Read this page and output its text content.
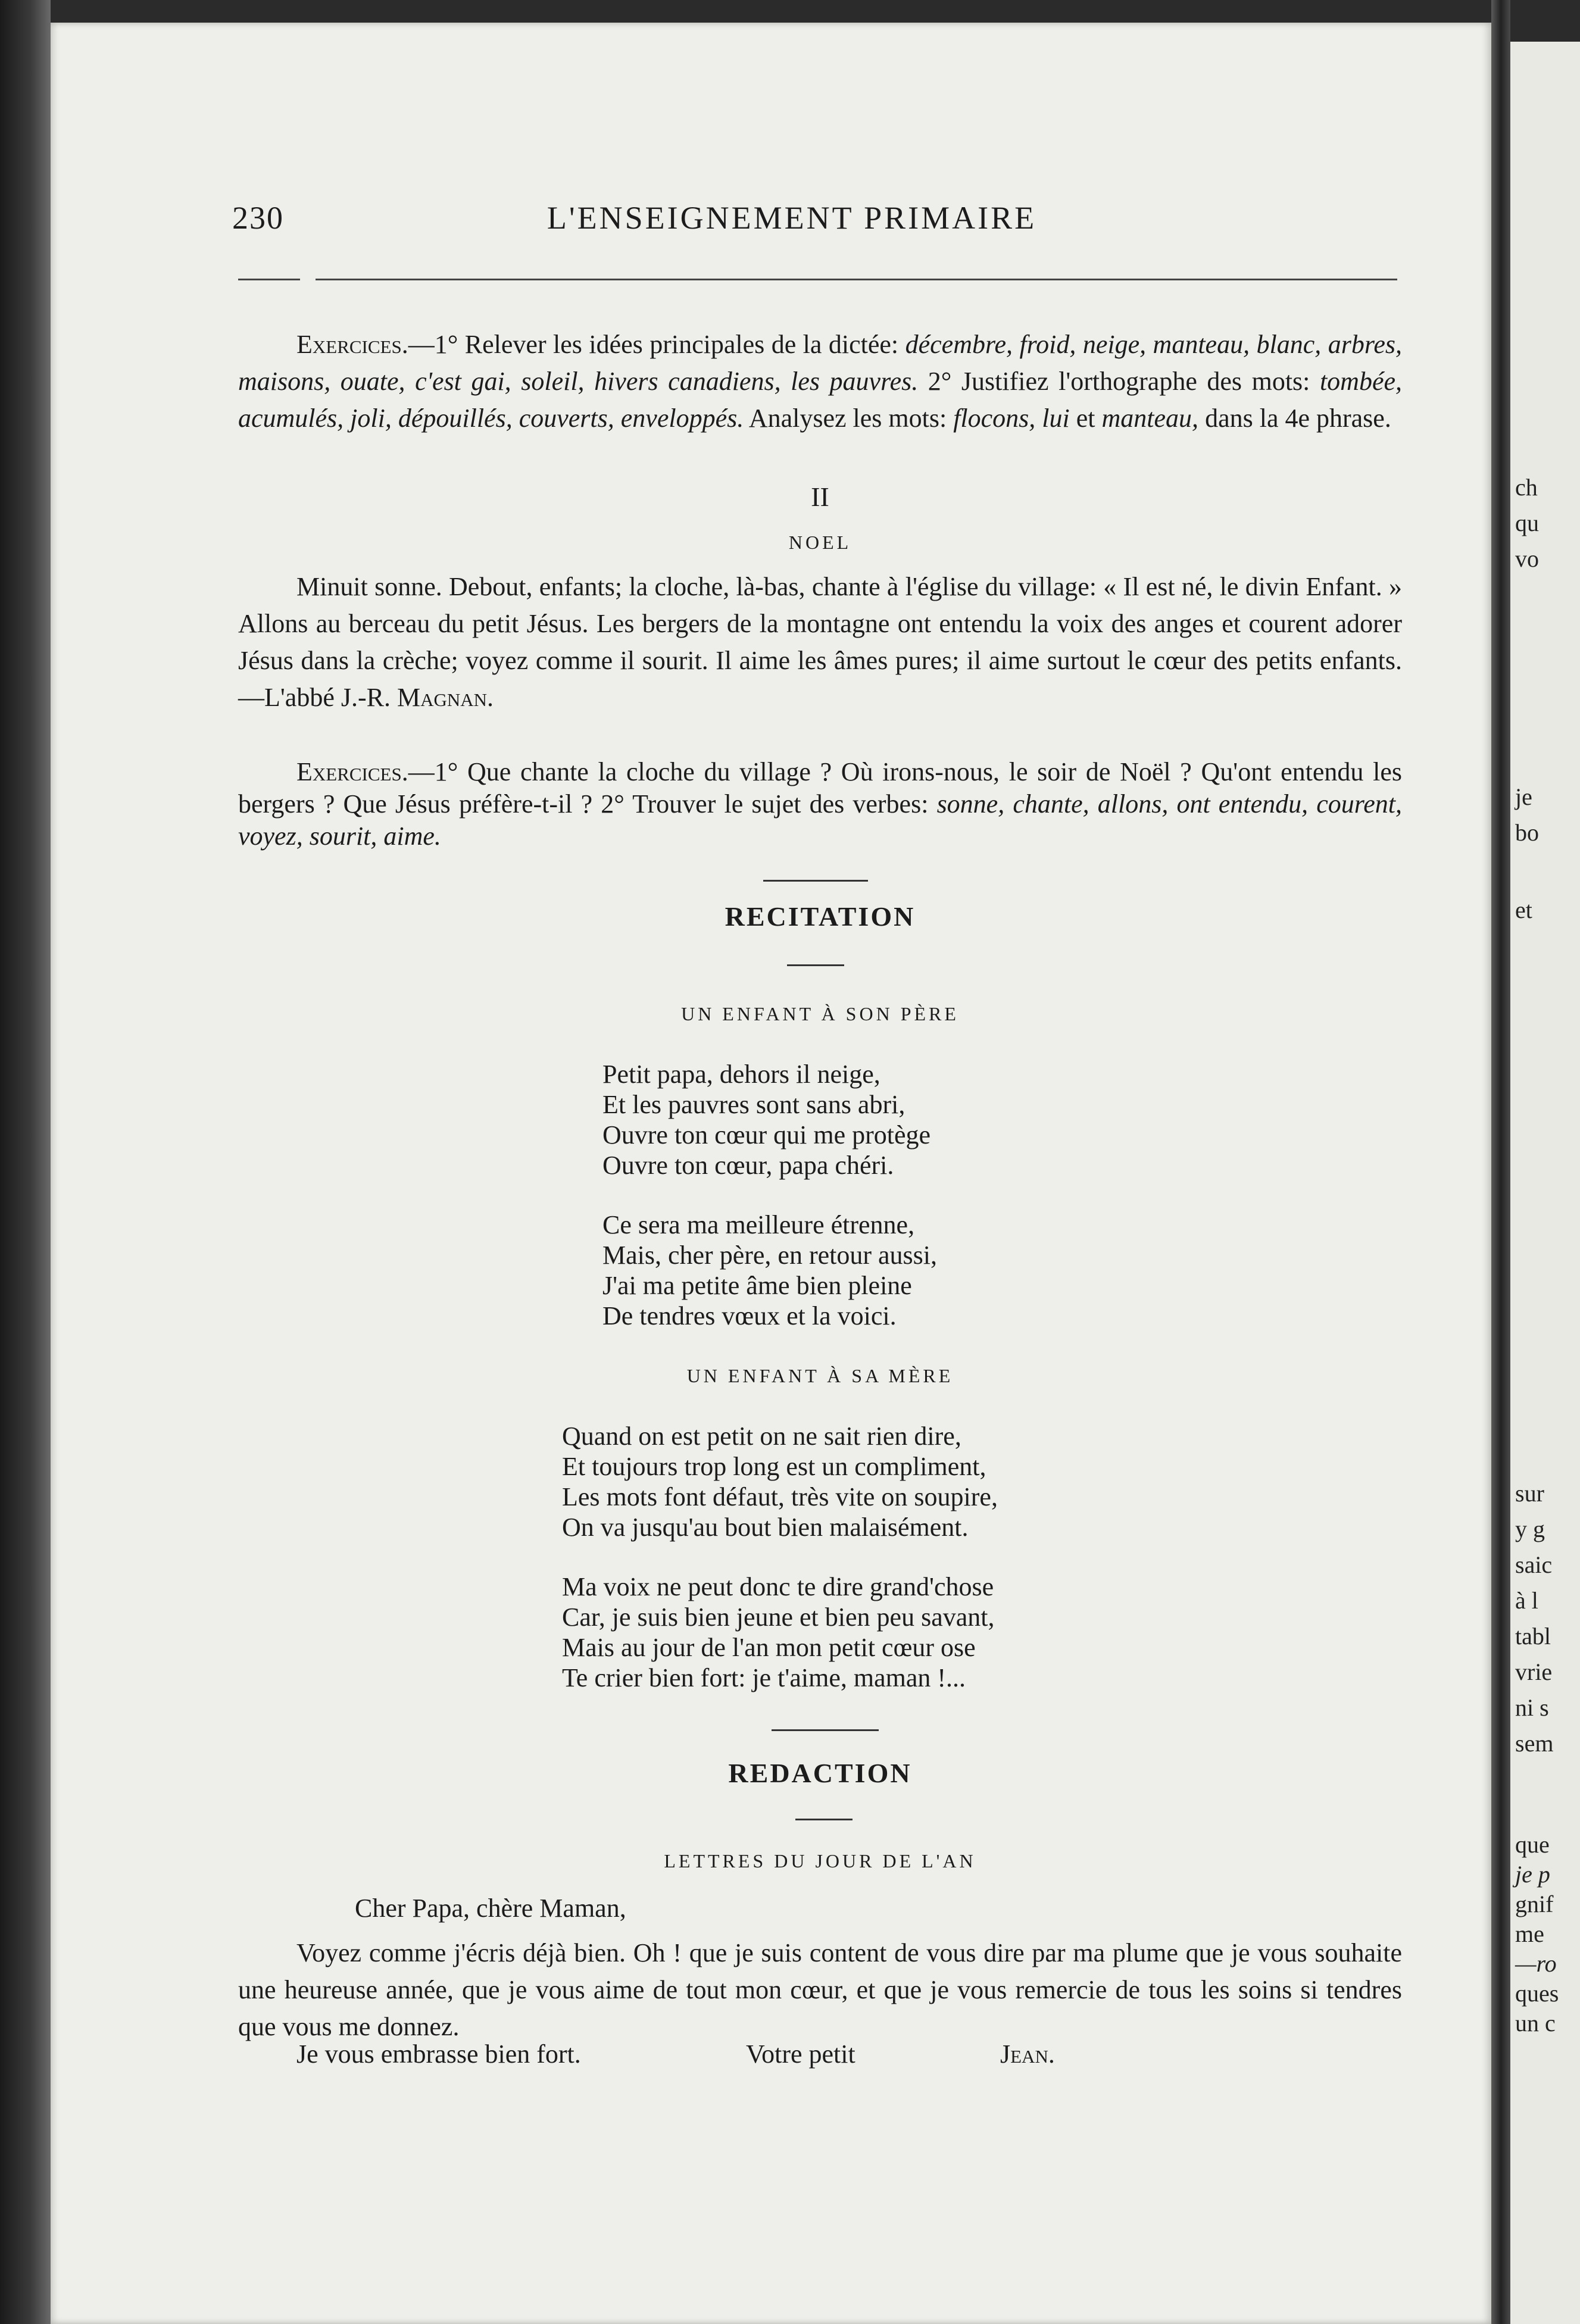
230	L'ENSEIGNEMENT PRIMAIRE

Exercices.—1° Relever les idées principales de la dictée: décembre, froid, neige, manteau, blanc, arbres, maisons, ouate, c'est gai, soleil, hivers canadiens, les pauvres. 2° Justifiez l'orthographe des mots: tombée, acumulés, joli, dépouillés, couverts, enveloppés. Analysez les mots: flocons, lui et manteau, dans la 4e phrase.

II
NOEL

Minuit sonne. Debout, enfants; la cloche, là-bas, chante à l'église du village: « Il est né, le divin Enfant. » Allons au berceau du petit Jésus. Les bergers de la montagne ont entendu la voix des anges et courent adorer Jésus dans la crèche; voyez comme il sourit. Il aime les âmes pures; il aime surtout le cœur des petits enfants.—L'abbé J.-R. Magnan.

Exercices.—1° Que chante la cloche du village ? Où irons-nous, le soir de Noël ? Qu'ont entendu les bergers ? Que Jésus préfère-t-il ? 2° Trouver le sujet des verbes: sonne, chante, allons, ont entendu, courent, voyez, sourit, aime.

RECITATION
UN ENFANT À SON PÈRE
Petit papa, dehors il neige,
Et les pauvres sont sans abri,
Ouvre ton cœur qui me protège
Ouvre ton cœur, papa chéri.
Ce sera ma meilleure étrenne,
Mais, cher père, en retour aussi,
J'ai ma petite âme bien pleine
De tendres vœux et la voici.
UN ENFANT À SA MÈRE
Quand on est petit on ne sait rien dire,
Et toujours trop long est un compliment,
Les mots font défaut, très vite on soupire,
On va jusqu'au bout bien malaisément.
Ma voix ne peut donc te dire grand'chose
Car, je suis bien jeune et bien peu savant,
Mais au jour de l'an mon petit cœur ose
Te crier bien fort: je t'aime, maman !...
REDACTION
LETTRES DU JOUR DE L'AN
Cher Papa, chère Maman,

Voyez comme j'écris déjà bien. Oh ! que je suis content de vous dire par ma plume que je vous souhaite une heureuse année, que je vous aime de tout mon cœur, et que je vous remercie de tous les soins si tendres que vous me donnez.

Je vous embrasse bien fort.	Votre petit	Jean.
ch
qu
vo
je
bo
et
sur
y g
saic
à l
tabl
vrie
ni s
sem
que
je p
gnif
me
—ro
ques
un c
